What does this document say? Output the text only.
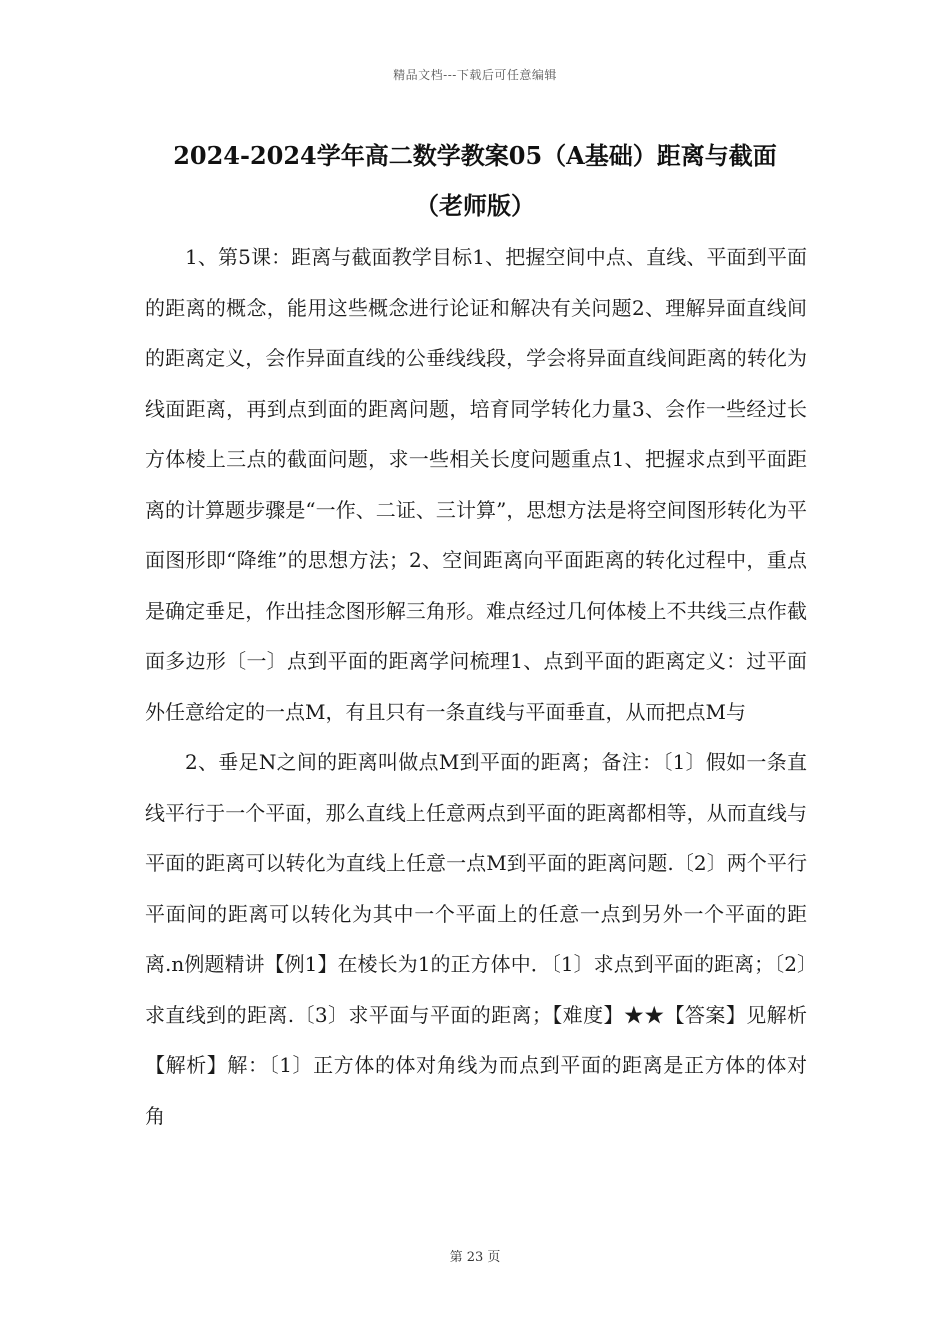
精品文档---下载后可任意编辑
2024-2024学年高二数学教案05（A基础）距离与截面
（老师版）

1、第5课：距离与截面教学目标1、把握空间中点、直线、平面到平面的距离的概念，能用这些概念进行论证和解决有关问题2、理解异面直线间的距离定义，会作异面直线的公垂线线段，学会将异面直线间距离的转化为线面距离，再到点到面的距离问题，培育同学转化力量3、会作一些经过长方体棱上三点的截面问题，求一些相关长度问题重点1、把握求点到平面距离的计算题步骤是“一作、二证、三计算”，思想方法是将空间图形转化为平面图形即“降维”的思想方法；2、空间距离向平面距离的转化过程中，重点是确定垂足，作出挂念图形解三角形。难点经过几何体棱上不共线三点作截面多边形〔一〕点到平面的距离学问梳理1、点到平面的距离定义：过平面外任意给定的一点M，有且只有一条直线与平面垂直，从而把点M与

2、垂足N之间的距离叫做点M到平面的距离；备注：〔1〕假如一条直线平行于一个平面，那么直线上任意两点到平面的距离都相等，从而直线与平面的距离可以转化为直线上任意一点M到平面的距离问题.〔2〕两个平行平面间的距离可以转化为其中一个平面上的任意一点到另外一个平面的距离.n例题精讲【例1】在棱长为1的正方体中．〔1〕求点到平面的距离；〔2〕求直线到的距离.〔3〕求平面与平面的距离；【难度】★★【答案】见解析【解析】解：〔1〕正方体的体对角线为而点到平面的距离是正方体的体对角

第 23 页
